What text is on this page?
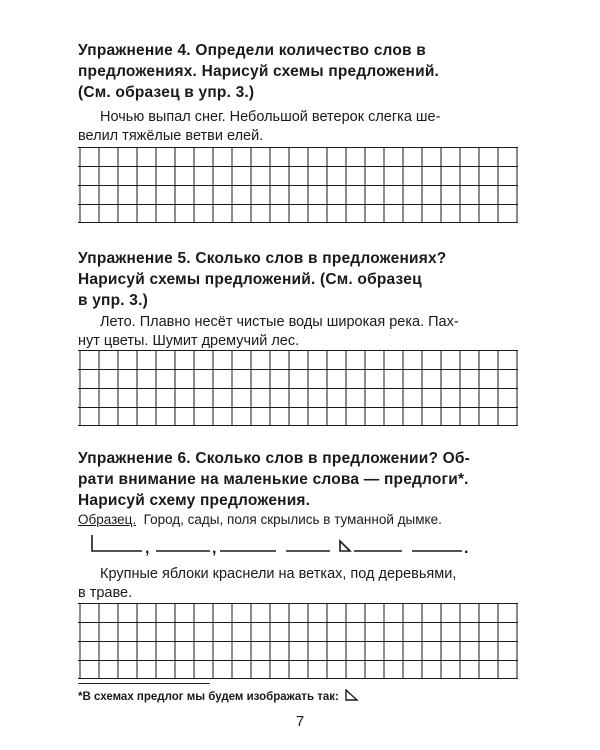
Упражнение 4. Определи количество слов в
предложениях. Нарисуй схемы предложений.
(См. образец в упр. 3.)
Ночью выпал снег. Небольшой ветерок слегка ше-
велил тяжёлые ветви елей.
Упражнение 5. Сколько слов в предложениях?
Нарисуй схемы предложений. (См. образец
в упр. 3.)
Лето. Плавно несёт чистые воды широкая река. Пах-
нут цветы. Шумит дремучий лес.
Упражнение 6. Сколько слов в предложении? Об-
рати внимание на маленькие слова — предлоги*.
Нарисуй схему предложения.
Образец. Город, сады, поля скрылись в туманной дымке.
,	,	.
Крупные яблоки краснели на ветках, под деревьями,
в траве.
*В схемах предлог мы будем изображать так:
7
